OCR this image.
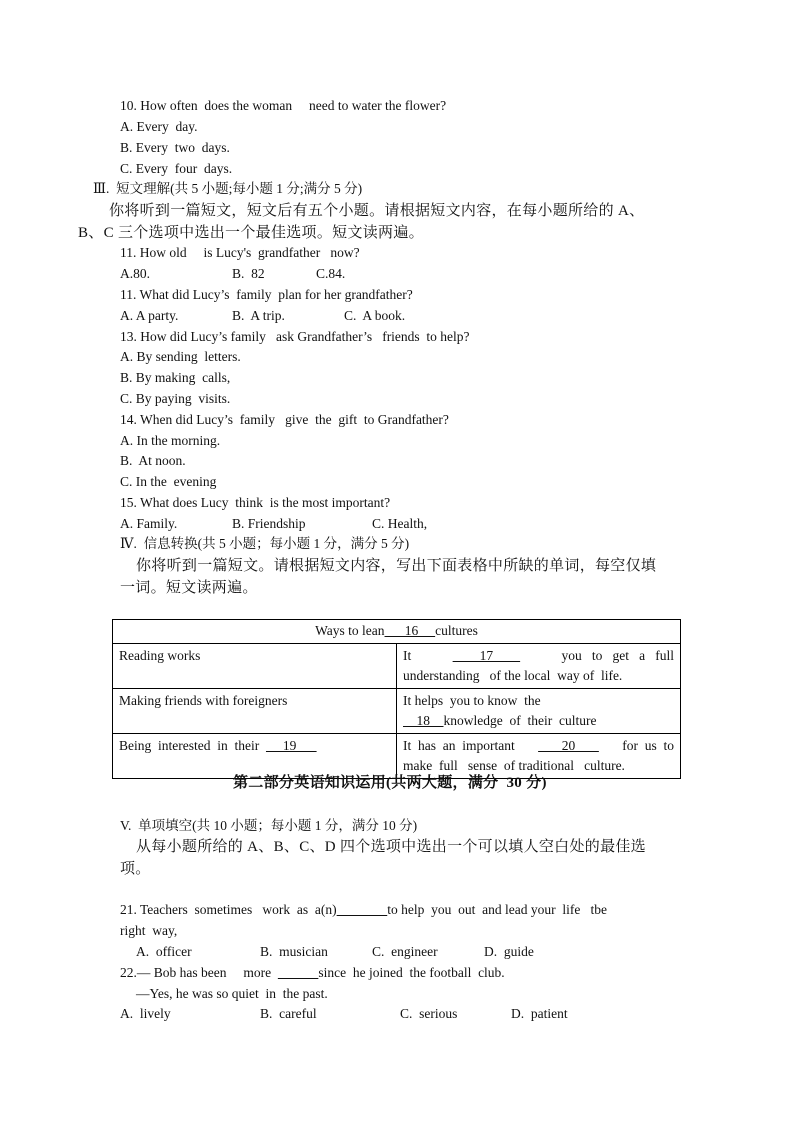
10. How often  does the woman     need to water the flower?
A. Every  day.
B. Every  two  days.
C. Every  four  days.
Ⅲ.  短文理解(共 5 小题;每小题 1 分;满分 5 分)
你将听到一篇短文，短文后有五个小题。请根据短文内容，在每小题所给的 A、
B、C 三个选项中选出一个最佳选项。短文读两遍。
11. How old     is Lucy's  grandfather   now?
A.80.	B.  82	C.84.
11. What did Lucy’s  family  plan for her grandfather?
A. A party.	B.  A trip.	C.  A book.
13. How did Lucy’s family   ask Grandfather’s   friends  to help?
A. By sending  letters.
B. By making  calls,
C. By paying  visits.
14. When did Lucy’s  family   give  the  gift  to Grandfather?
A. In the morning.
B.  At noon.
C. In the  evening
15. What does Lucy  think  is the most important?
A. Family.	B. Friendship	C. Health,
Ⅳ.  信息转换(共 5 小题；每小题 1 分，满分 5 分)
你将听到一篇短文。请根据短文内容，写出下面表格中所缺的单词，每空仅填
一词。短文读两遍。
Ways to lean      16     cultures	
Reading works	It 17 you   to   get   a   full
understanding   of the local  way of  life.

Making friends with foreigners	It helps  you to know  the
18    knowledge  of  their  culture

Being  interested  in  their       19	It  has  an  important 20 for  us  to
make  full   sense  of traditional   culture.
第二部分英语知识运用(共两大题，满分  30 分)
V.  单项填空(共 10 小题；每小题 1 分，满分 10 分)
从每小题所给的 A、B、C、D 四个选项中选出一个可以填人空白处的最佳选
项。
21. Teachers  sometimes   work  as  a(n)	to help  you  out  and lead your  life   tbe
right  way,
A.  officer	B.  musician	C.  engineer	D.  guide
22.— Bob has been     more	since  he joined  the football  club.
—Yes, he was so quiet  in  the past.
A.  lively	B.  careful	C.  serious	D.  patient
